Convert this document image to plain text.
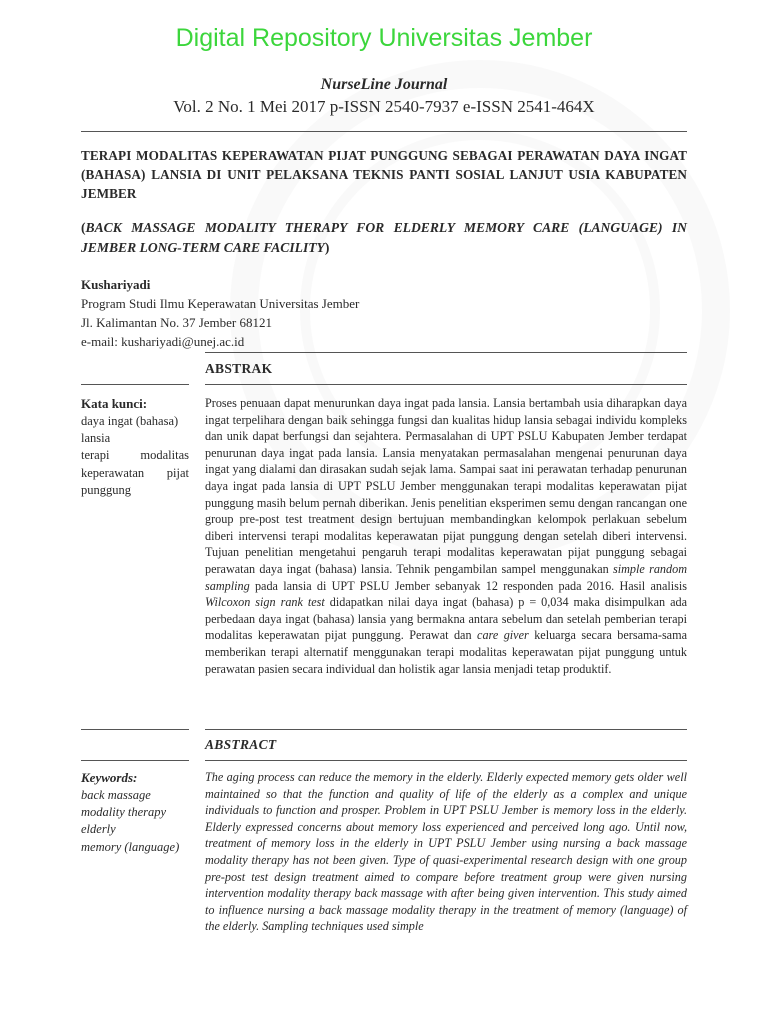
Digital Repository Universitas Jember
NurseLine Journal
Vol. 2 No. 1 Mei 2017 p-ISSN 2540-7937 e-ISSN 2541-464X
TERAPI MODALITAS KEPERAWATAN PIJAT PUNGGUNG SEBAGAI PERAWATAN DAYA INGAT (BAHASA) LANSIA DI UNIT PELAKSANA TEKNIS PANTI SOSIAL LANJUT USIA KABUPATEN JEMBER
(BACK MASSAGE MODALITY THERAPY FOR ELDERLY MEMORY CARE (LANGUAGE) IN JEMBER LONG-TERM CARE FACILITY)
Kushariyadi
Program Studi Ilmu Keperawatan Universitas Jember
Jl. Kalimantan No. 37 Jember 68121
e-mail: kushariyadi@unej.ac.id
ABSTRAK
Kata kunci:
daya ingat (bahasa)
lansia
terapi modalitas keperawatan pijat punggung
Proses penuaan dapat menurunkan daya ingat pada lansia. Lansia bertambah usia diharapkan daya ingat terpelihara dengan baik sehingga fungsi dan kualitas hidup lansia sebagai individu kompleks dan unik dapat berfungsi dan sejahtera. Permasalahan di UPT PSLU Kabupaten Jember terdapat penurunan daya ingat pada lansia. Lansia menyatakan permasalahan mengenai penurunan daya ingat yang dialami dan dirasakan sudah sejak lama. Sampai saat ini perawatan terhadap penurunan daya ingat pada lansia di UPT PSLU Jember menggunakan terapi modalitas keperawatan pijat punggung masih belum pernah diberikan. Jenis penelitian eksperimen semu dengan rancangan one group pre-post test treatment design bertujuan membandingkan kelompok perlakuan sebelum diberi intervensi terapi modalitas keperawatan pijat punggung dengan setelah diberi intervensi. Tujuan penelitian mengetahui pengaruh terapi modalitas keperawatan pijat punggung sebagai perawatan daya ingat (bahasa) lansia. Tehnik pengambilan sampel menggunakan simple random sampling pada lansia di UPT PSLU Jember sebanyak 12 responden pada 2016. Hasil analisis Wilcoxon sign rank test didapatkan nilai daya ingat (bahasa) p = 0,034 maka disimpulkan ada perbedaan daya ingat (bahasa) lansia yang bermakna antara sebelum dan setelah pemberian terapi modalitas keperawatan pijat punggung. Perawat dan care giver keluarga secara bersama-sama memberikan terapi alternatif menggunakan terapi modalitas keperawatan pijat punggung untuk perawatan pasien secara individual dan holistik agar lansia menjadi tetap produktif.
ABSTRACT
Keywords:
back massage modality therapy
elderly
memory (language)
The aging process can reduce the memory in the elderly. Elderly expected memory gets older well maintained so that the function and quality of life of the elderly as a complex and unique individuals to function and prosper. Problem in UPT PSLU Jember is memory loss in the elderly. Elderly expressed concerns about memory loss experienced and perceived long ago. Until now, treatment of memory loss in the elderly in UPT PSLU Jember using nursing a back massage modality therapy has not been given. Type of quasi-experimental research design with one group pre-post test design treatment aimed to compare before treatment group were given nursing intervention modality therapy back massage with after being given intervention. This study aimed to influence nursing a back massage modality therapy in the treatment of memory (language) of the elderly. Sampling techniques used simple
